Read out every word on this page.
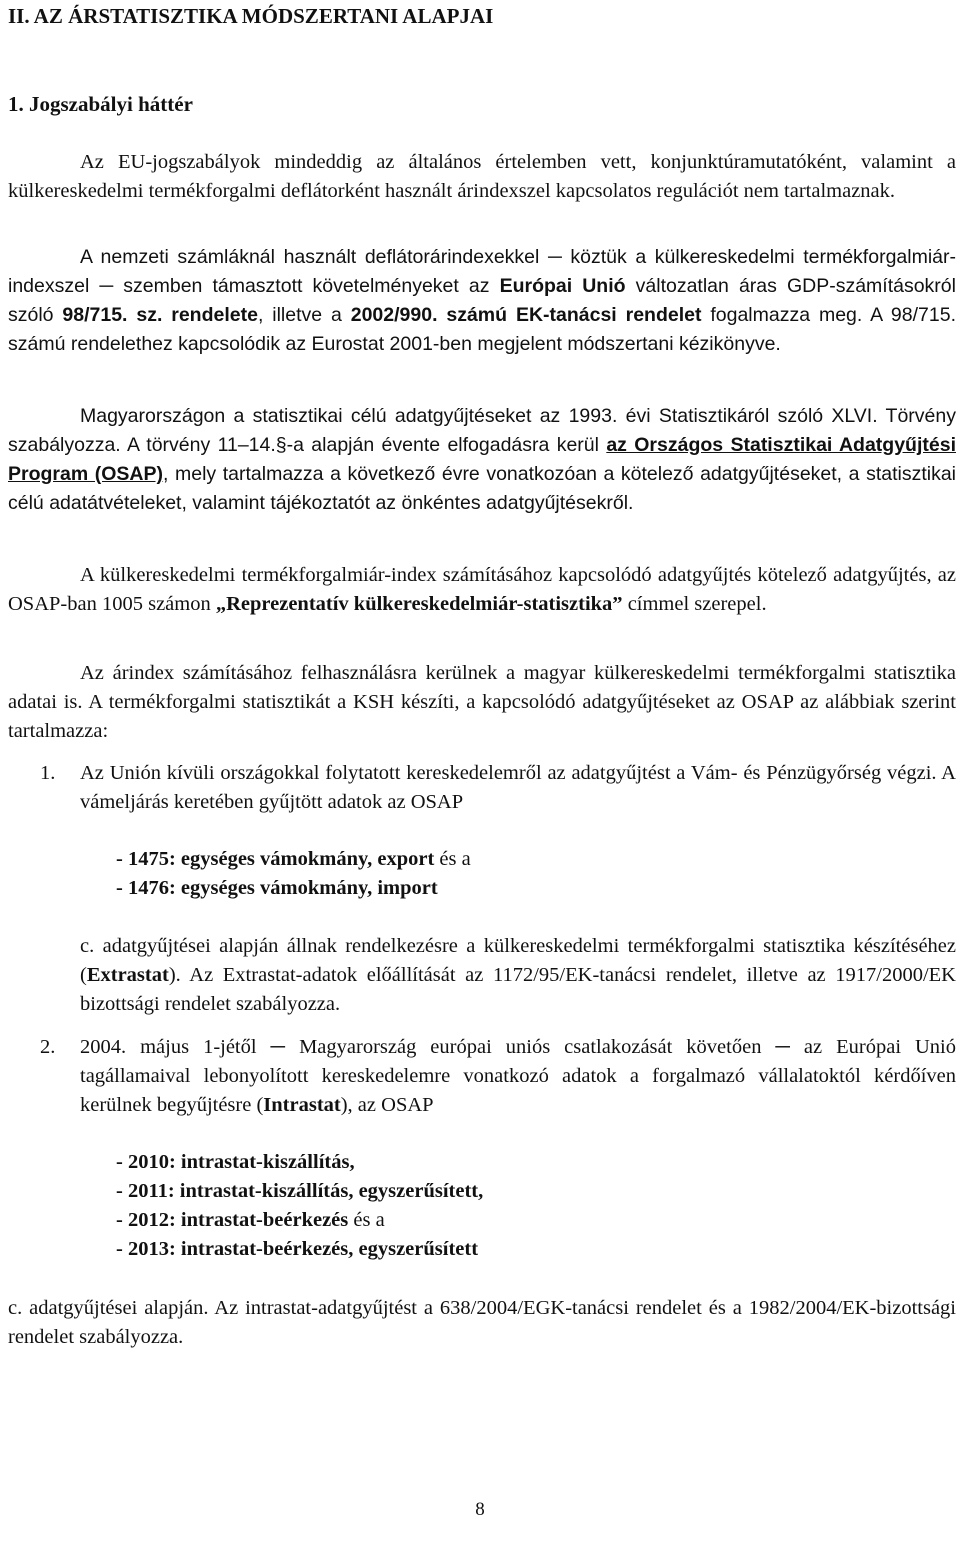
II. AZ ÁRSTATISZTIKA MÓDSZERTANI ALAPJAI
1. Jogszabályi háttér

Az EU-jogszabályok mindeddig az általános értelemben vett, konjunktúramutatóként, valamint a külkereskedelmi termékforgalmi deflátorként használt árindexszel kapcsolatos regulációt nem tartalmaznak.

A nemzeti számláknál használt deflátorárindexekkel ─ köztük a külkereskedelmi termékforgalmiár-indexszel ─ szemben támasztott követelményeket az Európai Unió változatlan áras GDP-számításokról szóló 98/715. sz. rendelete, illetve a 2002/990. számú EK-tanácsi rendelet fogalmazza meg. A 98/715. számú rendelethez kapcsolódik az Eurostat 2001-ben megjelent módszertani kézikönyve.

Magyarországon a statisztikai célú adatgyűjtéseket az 1993. évi Statisztikáról szóló XLVI. Törvény szabályozza. A törvény 11–14.§-a alapján évente elfogadásra kerül az Országos Statisztikai Adatgyűjtési Program (OSAP), mely tartalmazza a következő évre vonatkozóan a kötelező adatgyűjtéseket, a statisztikai célú adatátvételeket, valamint tájékoztatót az önkéntes adatgyűjtésekről.

A külkereskedelmi termékforgalmiár-index számításához kapcsolódó adatgyűjtés kötelező adatgyűjtés, az OSAP-ban 1005 számon „Reprezentatív külkereskedelmiár-statisztika” címmel szerepel.

Az árindex számításához felhasználásra kerülnek a magyar külkereskedelmi termékforgalmi statisztika adatai is. A termékforgalmi statisztikát a KSH készíti, a kapcsolódó adatgyűjtéseket az OSAP az alábbiak szerint tartalmazza:

1. Az Unión kívüli országokkal folytatott kereskedelemről az adatgyűjtést a Vám- és Pénzügyőrség végzi. A vámeljárás keretében gyűjtött adatok az OSAP

- 1475: egységes vámokmány, export és a

- 1476: egységes vámokmány, import

c. adatgyűjtései alapján állnak rendelkezésre a külkereskedelmi termékforgalmi statisztika készítéséhez (Extrastat). Az Extrastat-adatok előállítását az 1172/95/EK-tanácsi rendelet, illetve az 1917/2000/EK bizottsági rendelet szabályozza.

2. 2004. május 1-jétől ─ Magyarország európai uniós csatlakozását követően ─ az Európai Unió tagállamaival lebonyolított kereskedelemre vonatkozó adatok a forgalmazó vállalatoktól kérdőíven kerülnek begyűjtésre (Intrastat), az OSAP

- 2010: intrastat-kiszállítás,

- 2011: intrastat-kiszállítás, egyszerűsített,

- 2012: intrastat-beérkezés és a

- 2013: intrastat-beérkezés, egyszerűsített

c. adatgyűjtései alapján. Az intrastat-adatgyűjtést a 638/2004/EGK-tanácsi rendelet és a 1982/2004/EK-bizottsági rendelet szabályozza.

8
